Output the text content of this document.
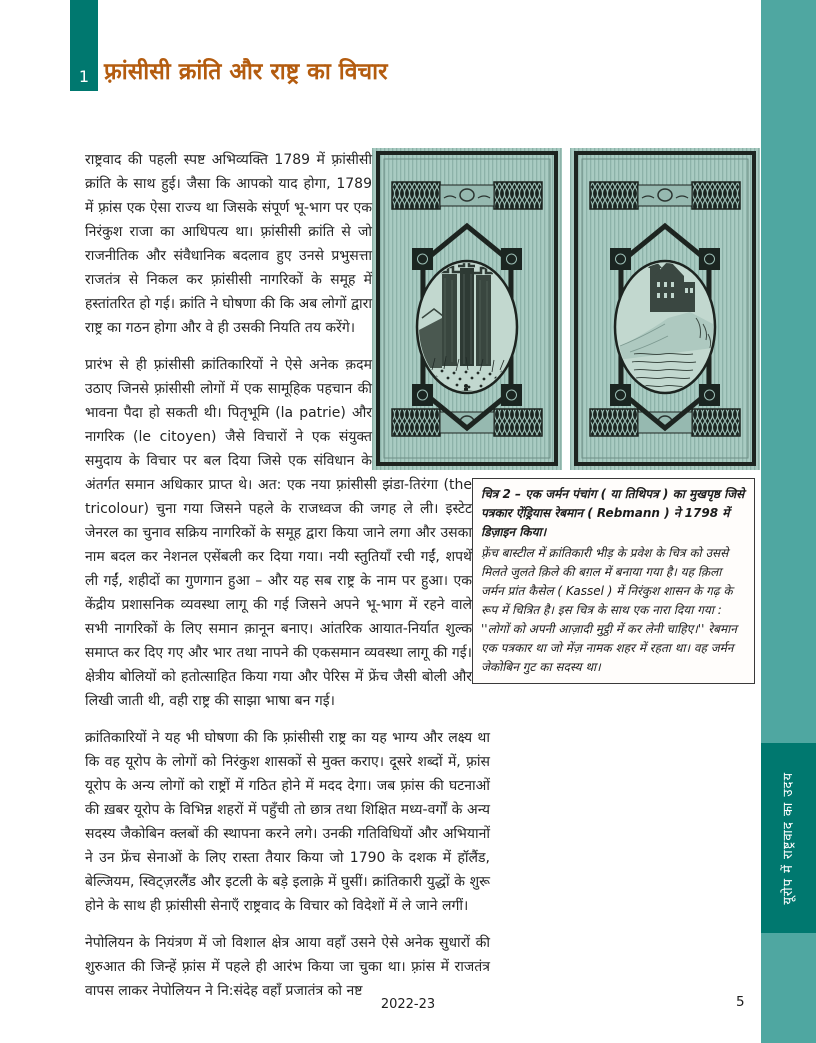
1 फ़्रांसीसी क्रांति और राष्ट्र का विचार

चित्र 2 – एक जर्मन पंचांग ( या तिथिपत्र ) का मुखपृष्ठ जिसे पत्रकार ऐंड्रियास रेबमान ( Rebmann ) ने 1798 में डिज़ाइन किया।

फ़्रेंच बास्टील में क्रांतिकारी भीड़ के प्रवेश के चित्र को उससे मिलते जुलते क़िले की बग़ल में बनाया गया है। यह क़िला जर्मन प्रांत कैसेल ( Kassel ) में निरंकुश शासन के गढ़ के रूप में चित्रित है। इस चित्र के साथ एक नारा दिया गया : ''लोगों को अपनी आज़ादी मुट्ठी में कर लेनी चाहिए।'' रेबमान एक पत्रकार था जो मेंज़ नामक शहर में रहता था। वह जर्मन जेकोबिन गुट का सदस्य था।

राष्ट्रवाद की पहली स्पष्ट अभिव्यक्ति 1789 में फ़्रांसीसी क्रांति के साथ हुई। जैसा कि आपको याद होगा, 1789 में फ़्रांस एक ऐसा राज्य था जिसके संपूर्ण भू-भाग पर एक निरंकुश राजा का आधिपत्य था। फ़्रांसीसी क्रांति से जो राजनीतिक और संवैधानिक बदलाव हुए उनसे प्रभुसत्ता राजतंत्र से निकल कर फ़्रांसीसी नागरिकों के समूह में हस्तांतरित हो गई। क्रांति ने घोषणा की कि अब लोगों द्वारा राष्ट्र का गठन होगा और वे ही उसकी नियति तय करेंगे।

प्रारंभ से ही फ़्रांसीसी क्रांतिकारियों ने ऐसे अनेक क़दम उठाए जिनसे फ़्रांसीसी लोगों में एक सामूहिक पहचान की भावना पैदा हो सकती थी। पितृभूमि (la patrie) और नागरिक (le citoyen) जैसे विचारों ने एक संयुक्त समुदाय के विचार पर बल दिया जिसे एक संविधान के अंतर्गत समान अधिकार प्राप्त थे। अत: एक नया फ़्रांसीसी झंडा-तिरंगा (the tricolour) चुना गया जिसने पहले के राजध्वज की जगह ले ली। इस्टेट जेनरल का चुनाव सक्रिय नागरिकों के समूह द्वारा किया जाने लगा और उसका नाम बदल कर नेशनल एसेंबली कर दिया गया। नयी स्तुतियाँ रची गईं, शपथें ली गईं, शहीदों का गुणगान हुआ – और यह सब राष्ट्र के नाम पर हुआ। एक केंद्रीय प्रशासनिक व्यवस्था लागू की गई जिसने अपने भू-भाग में रहने वाले सभी नागरिकों के लिए समान क़ानून बनाए। आंतरिक आयात-निर्यात शुल्क समाप्त कर दिए गए और भार तथा नापने की एकसमान व्यवस्था लागू की गई। क्षेत्रीय बोलियों को हतोत्साहित किया गया और पेरिस में फ्रेंच जैसी बोली और लिखी जाती थी, वही राष्ट्र की साझा भाषा बन गई।

क्रांतिकारियों ने यह भी घोषणा की कि फ़्रांसीसी राष्ट्र का यह भाग्य और लक्ष्य था कि वह यूरोप के लोगों को निरंकुश शासकों से मुक्त कराए। दूसरे शब्दों में, फ़्रांस यूरोप के अन्य लोगों को राष्ट्रों में गठित होने में मदद देगा। जब फ़्रांस की घटनाओं की ख़बर यूरोप के विभिन्न शहरों में पहुँची तो छात्र तथा शिक्षित मध्य-वर्गों के अन्य सदस्य जैकोबिन क्लबों की स्थापना करने लगे। उनकी गतिविधियों और अभियानों ने उन फ्रेंच सेनाओं के लिए रास्ता तैयार किया जो 1790 के दशक में हॉलैंड, बेल्जियम, स्विट्ज़रलैंड और इटली के बड़े इलाक़े में घुसीं। क्रांतिकारी युद्धों के शुरू होने के साथ ही फ़्रांसीसी सेनाएँ राष्ट्रवाद के विचार को विदेशों में ले जाने लगीं।

नेपोलियन के नियंत्रण में जो विशाल क्षेत्र आया वहाँ उसने ऐसे अनेक सुधारों की शुरुआत की जिन्हें फ़्रांस में पहले ही आरंभ किया जा चुका था। फ़्रांस में राजतंत्र वापस लाकर नेपोलियन ने नि:संदेह वहाँ प्रजातंत्र को नष्ट

यूरोप में राष्ट्रवाद का उदय
2022-23	5
